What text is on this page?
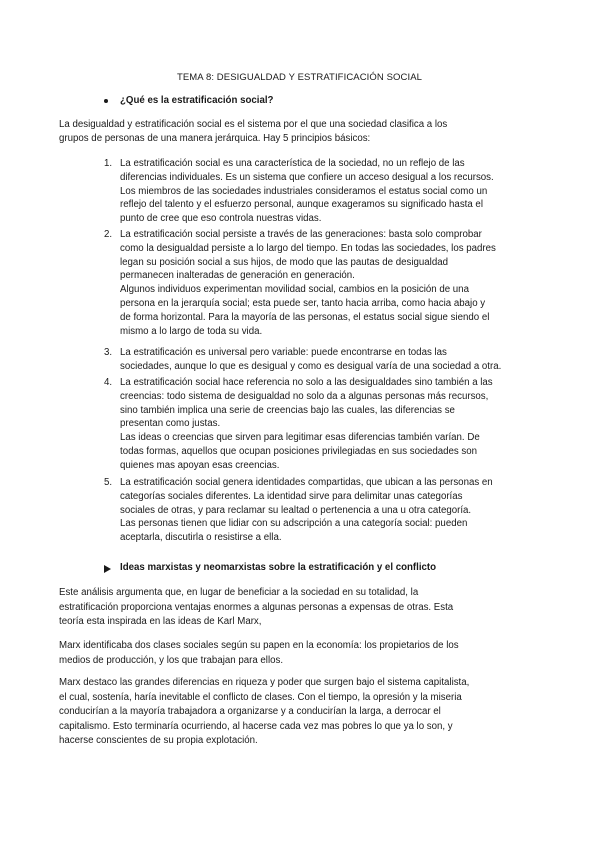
TEMA 8: DESIGUALDAD Y ESTRATIFICACIÓN SOCIAL
¿Qué es la estratificación social?
La desigualdad y estratificación social es el sistema por el que una sociedad clasifica a los
grupos de personas de una manera jerárquica. Hay 5 principios básicos:
1. La estratificación social es una característica de la sociedad, no un reflejo de las
diferencias individuales. Es un sistema que confiere un acceso desigual a los recursos.
Los miembros de las sociedades industriales consideramos el estatus social como un
reflejo del talento y el esfuerzo personal, aunque exageramos su significado hasta el
punto de cree que eso controla nuestras vidas.
2. La estratificación social persiste a través de las generaciones: basta solo comprobar
como la desigualdad persiste a lo largo del tiempo. En todas las sociedades, los padres
legan su posición social a sus hijos, de modo que las pautas de desigualdad
permanecen inalteradas de generación en generación.
Algunos individuos experimentan movilidad social, cambios en la posición de una
persona en la jerarquía social; esta puede ser, tanto hacia arriba, como hacia abajo y
de forma horizontal. Para la mayoría de las personas, el estatus social sigue siendo el
mismo a lo largo de toda su vida.
3. La estratificación es universal pero variable: puede encontrarse en todas las
sociedades, aunque lo que es desigual y como es desigual varía de una sociedad a otra.
4. La estratificación social hace referencia no solo a las desigualdades sino también a las
creencias: todo sistema de desigualdad no solo da a algunas personas más recursos,
sino también implica una serie de creencias bajo las cuales, las diferencias se
presentan como justas.
Las ideas o creencias que sirven para legitimar esas diferencias también varían. De
todas formas, aquellos que ocupan posiciones privilegiadas en sus sociedades son
quienes mas apoyan esas creencias.
5. La estratificación social genera identidades compartidas, que ubican a las personas en
categorías sociales diferentes. La identidad sirve para delimitar unas categorías
sociales de otras, y para reclamar su lealtad o pertenencia a una u otra categoría.
Las personas tienen que lidiar con su adscripción a una categoría social: pueden
aceptarla, discutirla o resistirse a ella.
Este análisis argumenta que, en lugar de beneficiar a la sociedad en su totalidad, la
estratificación proporciona ventajas enormes a algunas personas a expensas de otras. Esta
teoría esta inspirada en las ideas de Karl Marx,
Marx identificaba dos clases sociales según su papen en la economía: los propietarios de los
medios de producción, y los que trabajan para ellos.
Marx destaco las grandes diferencias en riqueza y poder que surgen bajo el sistema capitalista,
el cual, sostenía, haría inevitable el conflicto de clases. Con el tiempo, la opresión y la miseria
conducirían a la mayoría trabajadora a organizarse y a conducirían la larga, a derrocar el
capitalismo. Esto terminaría ocurriendo, al hacerse cada vez mas pobres lo que ya lo son, y
hacerse conscientes de su propia explotación.
Ideas marxistas y neomarxistas sobre la estratificación y el conflicto
